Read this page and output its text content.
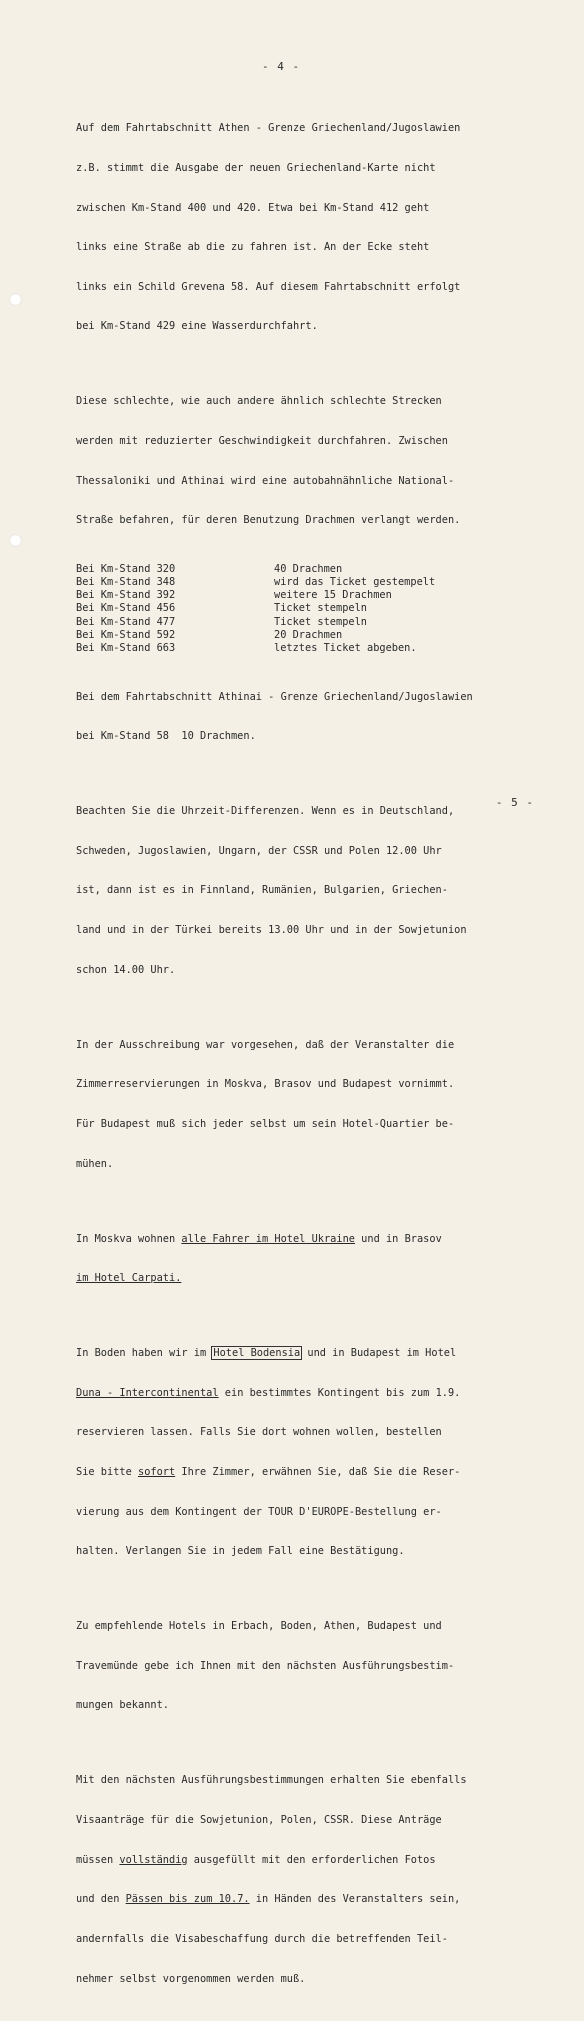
- 4 -

Auf dem Fahrtabschnitt Athen - Grenze Griechenland/Jugoslawien

z.B. stimmt die Ausgabe der neuen Griechenland-Karte nicht

zwischen Km-Stand 400 und 420. Etwa bei Km-Stand 412 geht

links eine Straße ab die zu fahren ist. An der Ecke steht

links ein Schild Grevena 58. Auf diesem Fahrtabschnitt erfolgt

bei Km-Stand 429 eine Wasserdurchfahrt.

Diese schlechte, wie auch andere ähnlich schlechte Strecken

werden mit reduzierter Geschwindigkeit durchfahren. Zwischen

Thessaloniki und Athinai wird eine autobahnähnliche National-

Straße befahren, für deren Benutzung Drachmen verlangt werden.

Bei Km-Stand 320	40 Drachmen
Bei Km-Stand 348	wird das Ticket gestempelt
Bei Km-Stand 392	weitere 15 Drachmen
Bei Km-Stand 456	Ticket stempeln
Bei Km-Stand 477	Ticket stempeln
Bei Km-Stand 592	20 Drachmen
Bei Km-Stand 663	letztes Ticket abgeben.

Bei dem Fahrtabschnitt Athinai - Grenze Griechenland/Jugoslawien

bei Km-Stand 58  10 Drachmen.

Beachten Sie die Uhrzeit-Differenzen. Wenn es in Deutschland,

Schweden, Jugoslawien, Ungarn, der CSSR und Polen 12.00 Uhr

ist, dann ist es in Finnland, Rumänien, Bulgarien, Griechen-

land und in der Türkei bereits 13.00 Uhr und in der Sowjetunion

schon 14.00 Uhr.

In der Ausschreibung war vorgesehen, daß der Veranstalter die

Zimmerreservierungen in Moskva, Brasov und Budapest vornimmt.

Für Budapest muß sich jeder selbst um sein Hotel-Quartier be-

mühen.

In Moskva wohnen alle Fahrer im Hotel Ukraine und in Brasov

im Hotel Carpati.

In Boden haben wir im Hotel Bodensia und in Budapest im Hotel

Duna - Intercontinental ein bestimmtes Kontingent bis zum 1.9.

reservieren lassen. Falls Sie dort wohnen wollen, bestellen

Sie bitte sofort Ihre Zimmer, erwähnen Sie, daß Sie die Reser-

vierung aus dem Kontingent der TOUR D'EUROPE-Bestellung er-

halten. Verlangen Sie in jedem Fall eine Bestätigung.

Zu empfehlende Hotels in Erbach, Boden, Athen, Budapest und

Travemünde gebe ich Ihnen mit den nächsten Ausführungsbestim-

mungen bekannt.

Mit den nächsten Ausführungsbestimmungen erhalten Sie ebenfalls

Visaanträge für die Sowjetunion, Polen, CSSR. Diese Anträge

müssen vollständig ausgefüllt mit den erforderlichen Fotos

und den Pässen bis zum 10.7. in Händen des Veranstalters sein,

andernfalls die Visabeschaffung durch die betreffenden Teil-

nehmer selbst vorgenommen werden muß.

- 5 -
